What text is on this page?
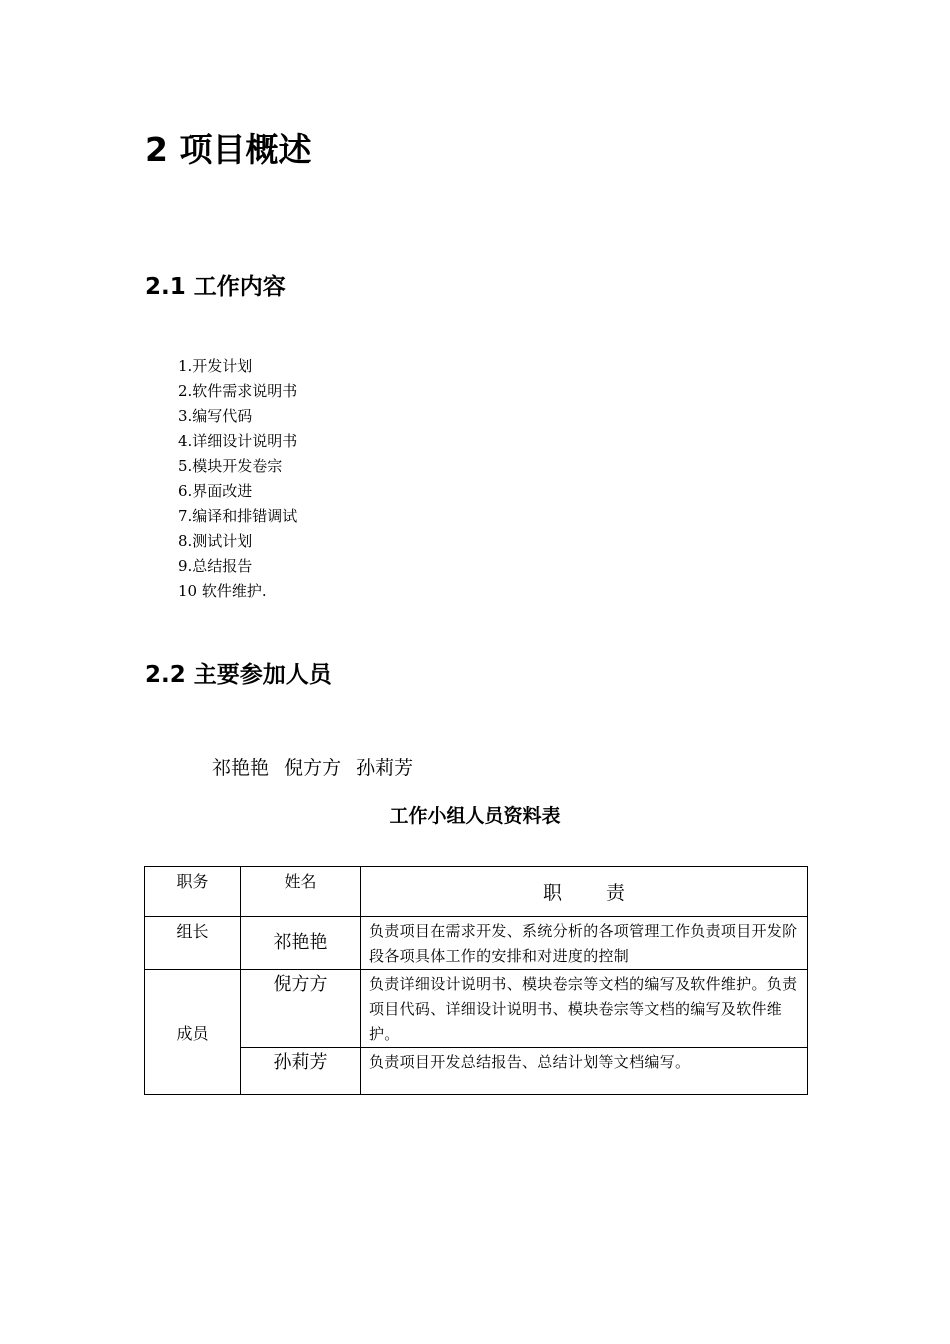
2 项目概述
2.1 工作内容
1.开发计划
2.软件需求说明书
3.编写代码
4.详细设计说明书
5.模块开发卷宗
6.界面改进
7.编译和排错调试
8.测试计划
9.总结报告
10 软件维护.
2.2 主要参加人员
祁艳艳 倪方方 孙莉芳
工作小组人员资料表
职务	姓名	职 责
组长	祁艳艳	负责项目在需求开发、系统分析的各项管理工作负责项目开发阶段各项具体工作的安排和对进度的控制
成员	倪方方	负责详细设计说明书、模块卷宗等文档的编写及软件维护。负责项目代码、详细设计说明书、模块卷宗等文档的编写及软件维护。
	孙莉芳	负责项目开发总结报告、总结计划等文档编写。
